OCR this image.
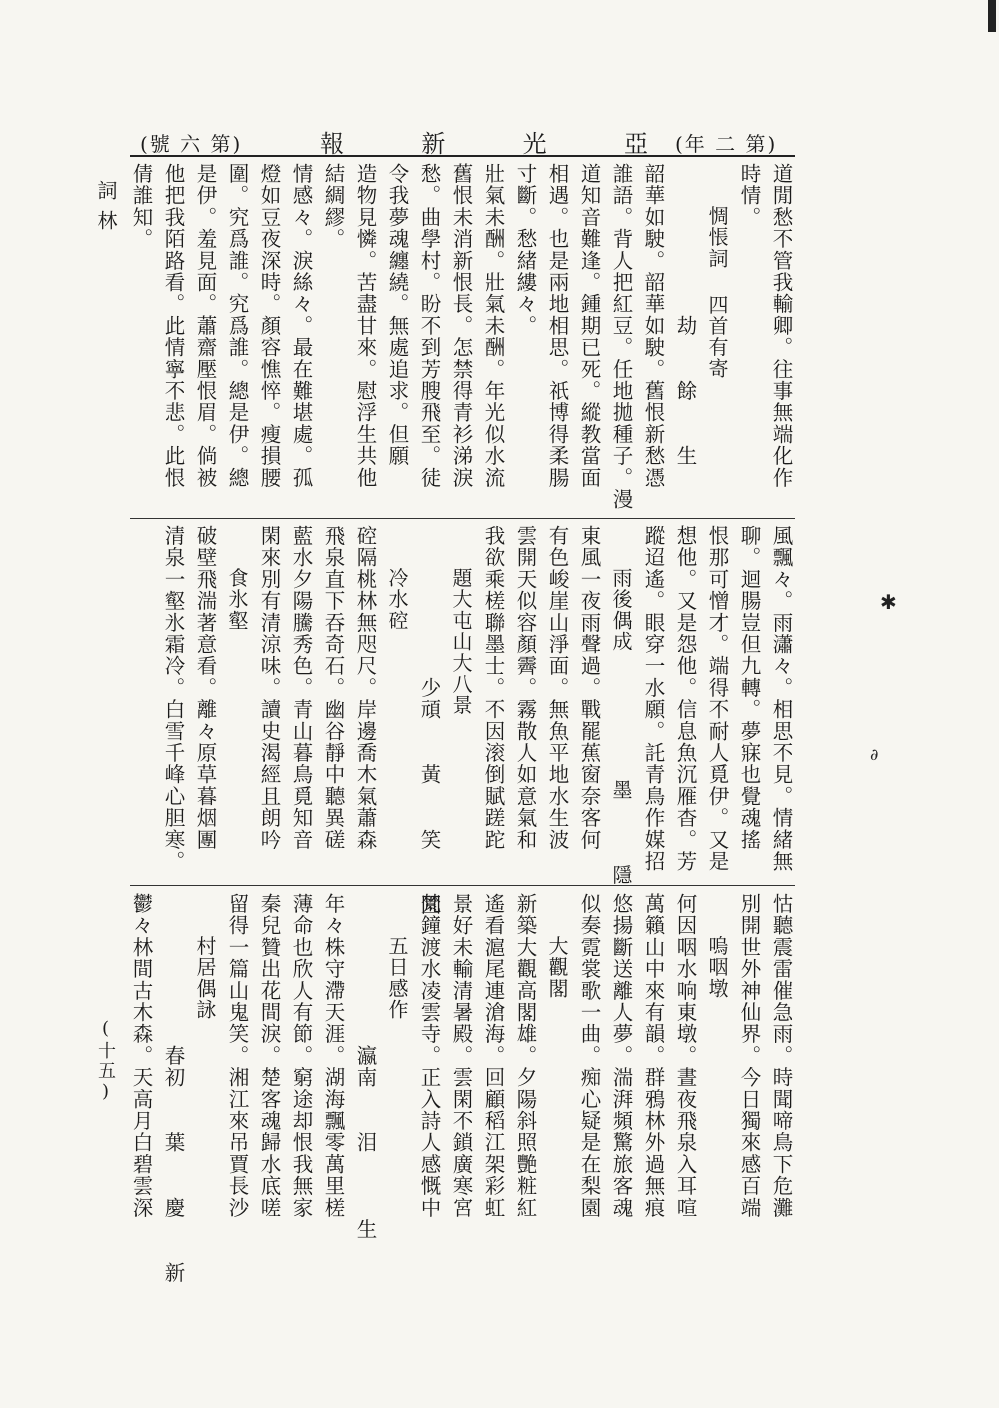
(號 六 第)	報	新	光	亞 (年 二 第)
詞林
(十五)
道閒愁不管我輸卿。往事無端化作
時情。
　　惆悵詞 四首有寄
　　　　　　　劫　　餘　　生
韶華如駛。韶華如駛。舊恨新愁憑
誰語。背人把紅豆。任地拋種子。漫
道知音難逢。鍾期已死。縱教當面
相遇。也是兩地相思。祇博得柔腸
寸斷。愁緒縷々。
壯氣未酬。壯氣未酬。年光似水流
舊恨未消新恨長。怎禁得青衫涕淚
愁。曲學村。盼不到芳膄飛至。徒
令我夢魂纏繞。無處追求。但願
造物見憐。苦盡甘來。慰浮生共他
結綢繆。
情感々。淚絲々。最在難堪處。孤
燈如豆夜深時。顏容憔悴。瘦損腰
圍。究爲誰。究爲誰。總是伊。總
是伊。羞見面。蕭齋壓恨眉。倘被
他把我陌路看。此情寧不悲。此恨
倩誰知。
風飄々。雨瀟々。相思不見。情緒無
聊。迴腸豈但九轉。夢寐也覺魂搖
恨那可憎才。端得不耐人覓伊。又是
想他。又是怨他。信息魚沉雁杳。芳
蹤迢遙。眼穿一水願。託青鳥作媒招
　　雨後偶成　　　　　　墨　　　隱
東風一夜雨聲過。戰罷蕉窗奈客何
有色峻崖山淨面。無魚平地水生波
雲開天似容顏霽。霧散人如意氣和
我欲乘槎聯墨士。不因滚倒賦蹉跎
　　題大屯山大八景
　　　　　　　少頑　　黃　　笑　　園
　　冷水硿
硿隔桃林無咫尺。岸邊喬木氣蕭森
飛泉直下吞奇石。幽谷靜中聽異磋
藍水夕陽騰秀色。青山暮鳥覓知音
閑來別有清涼味。讀史渴經且朗吟
　　食氷壑
破壁飛湍著意看。離々原草暮烟團
清泉一壑氷霜冷。白雪千峰心胆寒。
怙聽震雷催急雨。時聞啼鳥下危灘
別開世外神仙界。今日獨來感百端
　　嗚咽墩
何因咽水响東墩。晝夜飛泉入耳喧
萬籟山中來有韻。群鴉林外過無痕
悠揚斷送離人夢。湍湃頻驚旅客魂
似奏霓裳歌一曲。痴心疑是在梨園
　　大觀閣
新築大觀高閣雄。夕陽斜照艷粧紅
遙看滬尾連滄海。回顧稻江架彩虹
景好未輸清暑殿。雲閑不鎖廣寒宮
梵鐘渡水凌雲寺。正入詩人感慨中
　　五日感作
　　　　　　　瀛南　　泪　　　生
年々株守滯天涯。湖海飄零萬里槎
薄命也欣人有節。窮途却恨我無家
秦兒贊出花間淚。楚客魂歸水底嗟
留得一篇山鬼笑。湘江來吊賈長沙
　　村居偶詠
　　　　　　　春初　　葉　　慶　　新
鬱々林間古木森。天高月白碧雲深
✱
∂
